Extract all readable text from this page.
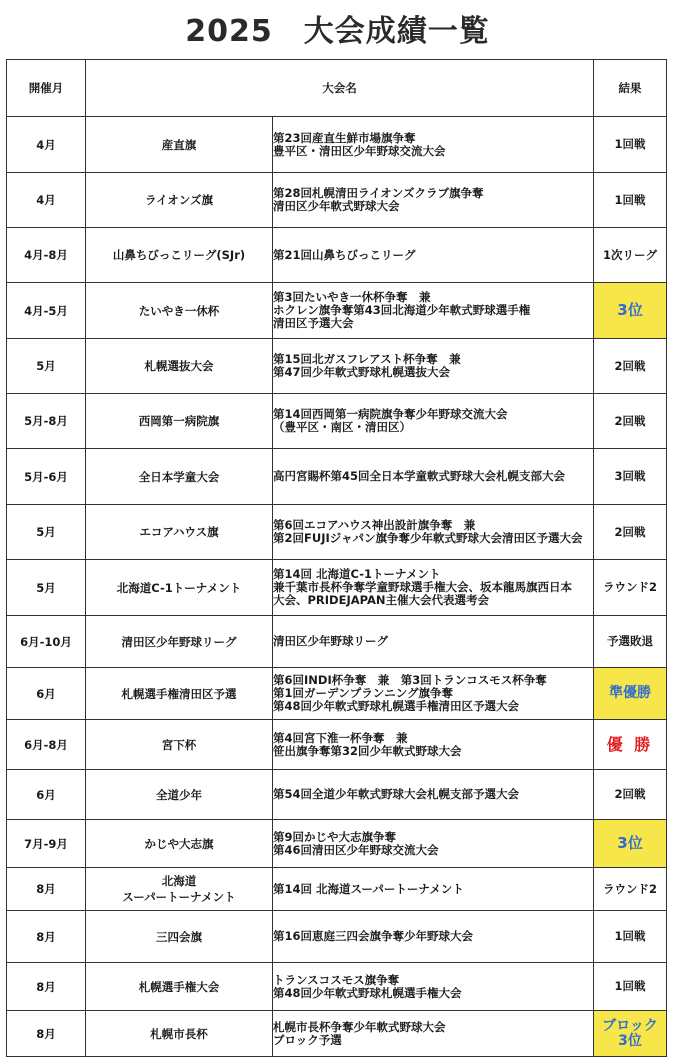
2025　大会成績一覧
開催月	大会名		結果
4月	産直旗	第23回産直生鮮市場旗争奪
豊平区・清田区少年野球交流大会	1回戦

4月	ライオンズ旗	第28回札幌清田ライオンズクラブ旗争奪
清田区少年軟式野球大会	1回戦

4月-8月	山鼻ちびっこリーグ(SJr)	第21回山鼻ちびっこリーグ	1次リーグ

4月-5月	たいやき一休杯	第3回たいやき一休杯争奪　兼
ホクレン旗争奪第43回北海道少年軟式野球選手権
清田区予選大会	3位

5月	札幌選抜大会	第15回北ガスフレアスト杯争奪　兼
第47回少年軟式野球札幌選抜大会	2回戦

5月-8月	西岡第一病院旗	第14回西岡第一病院旗争奪少年野球交流大会
（豊平区・南区・清田区）	2回戦

5月-6月	全日本学童大会	高円宮賜杯第45回全日本学童軟式野球大会札幌支部大会	3回戦

5月	エコアハウス旗	第6回エコアハウス神出設計旗争奪　兼
第2回FUJIジャパン旗争奪少年軟式野球大会清田区予選大会	2回戦

5月	北海道C-1トーナメント	第14回 北海道C-1トーナメント
兼千葉市長杯争奪学童野球選手権大会、坂本龍馬旗西日本
大会、PRIDEJAPAN主催大会代表選考会	ラウンド2

6月-10月	清田区少年野球リーグ	清田区少年野球リーグ	予選敗退

6月	札幌選手権清田区予選	第6回INDI杯争奪　兼　第3回トランコスモス杯争奪
第1回ガーデンプランニング旗争奪
第48回少年軟式野球札幌選手権清田区予選大会	準優勝

6月-8月	宮下杯	第4回宮下淮一杯争奪　兼
笹出旗争奪第32回少年軟式野球大会	優 勝

6月	全道少年	第54回全道少年軟式野球大会札幌支部予選大会	2回戦

7月-9月	かじや大志旗	第9回かじや大志旗争奪
第46回清田区少年野球交流大会	3位

8月	北海道
スーパートーナメント	第14回 北海道スーパートーナメント	ラウンド2

8月	三四会旗	第16回恵庭三四会旗争奪少年野球大会	1回戦

8月	札幌選手権大会	トランスコスモス旗争奪
第48回少年軟式野球札幌選手権大会	1回戦

8月	札幌市長杯	札幌市長杯争奪少年軟式野球大会
ブロック予選	ブロック
3位
